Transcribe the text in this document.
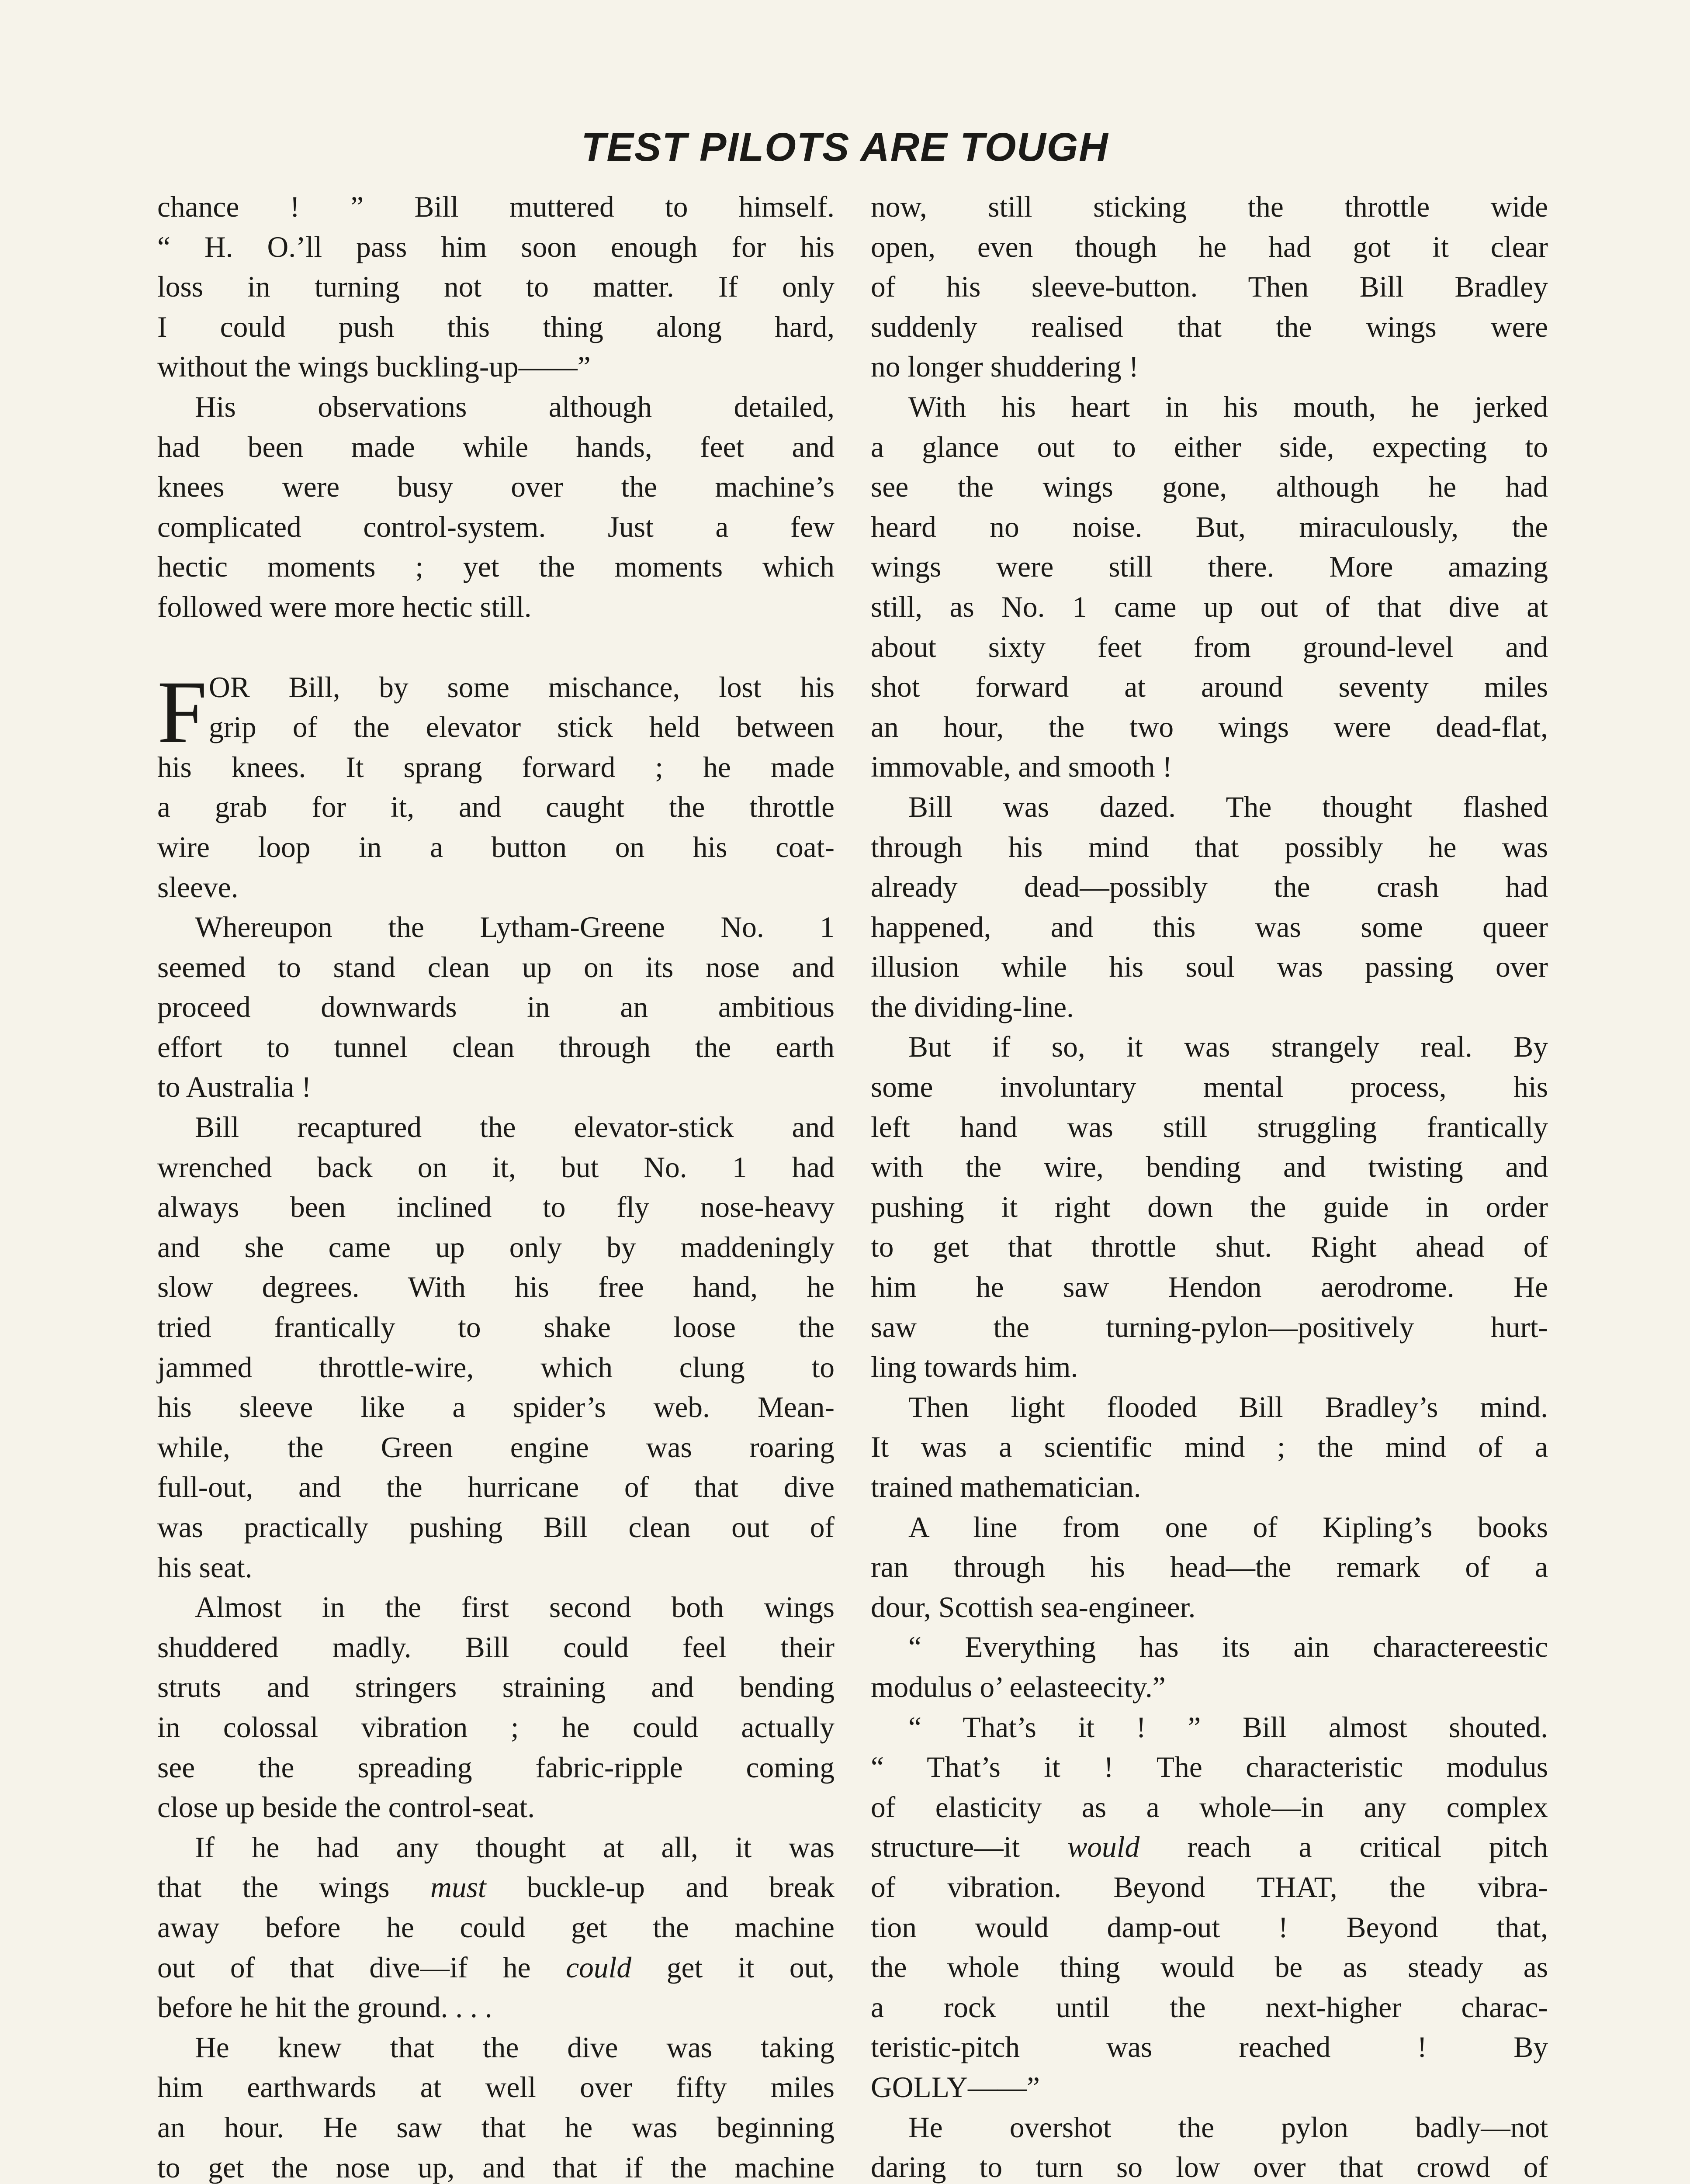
TEST PILOTS ARE TOUGH
chance ! ” Bill muttered to himself.
“ H. O.’ll pass him soon enough for his
loss in turning not to matter. If only
I could push this thing along hard,
without the wings buckling-up——”
His observations although detailed,
had been made while hands, feet and
knees were busy over the machine’s
complicated control-system. Just a few
hectic moments ; yet the moments which
followed were more hectic still.
F OR Bill, by some mischance, lost his
grip of the elevator stick held between
his knees. It sprang forward ; he made
a grab for it, and caught the throttle
wire loop in a button on his coat-
sleeve.
Whereupon the Lytham-Greene No. 1
seemed to stand clean up on its nose and
proceed downwards in an ambitious
effort to tunnel clean through the earth
to Australia !
Bill recaptured the elevator-stick and
wrenched back on it, but No. 1 had
always been inclined to fly nose-heavy
and she came up only by maddeningly
slow degrees. With his free hand, he
tried frantically to shake loose the
jammed throttle-wire, which clung to
his sleeve like a spider’s web. Mean-
while, the Green engine was roaring
full-out, and the hurricane of that dive
was practically pushing Bill clean out of
his seat.
Almost in the first second both wings
shuddered madly. Bill could feel their
struts and stringers straining and bending
in colossal vibration ; he could actually
see the spreading fabric-ripple coming
close up beside the control-seat.
If he had any thought at all, it was
that the wings must buckle-up and break
away before he could get the machine
out of that dive—if he could get it out,
before he hit the ground. . . .
He knew that the dive was taking
him earthwards at well over fifty miles
an hour. He saw that he was beginning
to get the nose up, and that if the machine
now, still sticking the throttle wide
open, even though he had got it clear
of his sleeve-button. Then Bill Bradley
suddenly realised that the wings were
no longer shuddering !
With his heart in his mouth, he jerked
a glance out to either side, expecting to
see the wings gone, although he had
heard no noise. But, miraculously, the
wings were still there. More amazing
still, as No. 1 came up out of that dive at
about sixty feet from ground-level and
shot forward at around seventy miles
an hour, the two wings were dead-flat,
immovable, and smooth !
Bill was dazed. The thought flashed
through his mind that possibly he was
already dead—possibly the crash had
happened, and this was some queer
illusion while his soul was passing over
the dividing-line.
But if so, it was strangely real. By
some involuntary mental process, his
left hand was still struggling frantically
with the wire, bending and twisting and
pushing it right down the guide in order
to get that throttle shut. Right ahead of
him he saw Hendon aerodrome. He
saw the turning-pylon—positively hurt-
ling towards him.
Then light flooded Bill Bradley’s mind.
It was a scientific mind ; the mind of a
trained mathematician.
A line from one of Kipling’s books
ran through his head—the remark of a
dour, Scottish sea-engineer.
“ Everything has its ain charactereestic
modulus o’ eelasteecity.”
“ That’s it ! ” Bill almost shouted.
“ That’s it ! The characteristic modulus
of elasticity as a whole—in any complex
structure—it would reach a critical pitch
of vibration. Beyond THAT, the vibra-
tion would damp-out ! Beyond that,
the whole thing would be as steady as
a rock until the next-higher charac-
teristic-pitch was reached ! By
GOLLY——”
He overshot the pylon badly—not
daring to turn so low over that crowd of
